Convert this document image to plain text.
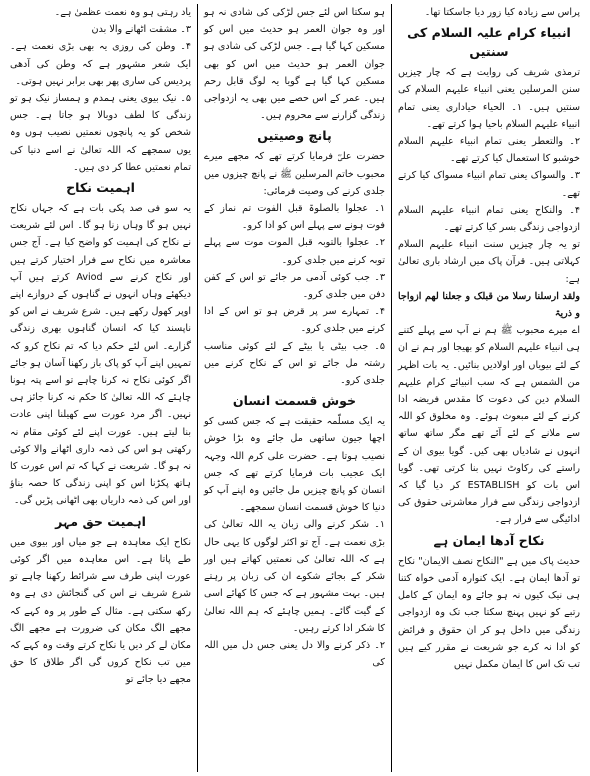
پراس سے زیادہ کیا زور دیا جاسکتا تھا۔

انبیاء کرام علیہ السلام کی سنتیں

ترمذی شریف کی روایت ہے کہ چار چیزیں سنن المرسلین یعنی انبیاء علیہم السلام کی سنتیں ہیں۔ ۱۔ الحیاء حیاداری یعنی تمام انبیاء علیہم السلام باحیا ہوا کرتے تھے۔

۲۔ والتعطر یعنی تمام انبیاء علیہم السلام خوشبو کا استعمال کیا کرتے تھے۔

۳۔ والسواک یعنی تمام انبیاء مسواک کیا کرتے تھے۔

۴۔ والنکاح یعنی تمام انبیاء علیہم السلام ازدواجی زندگی بسر کیا کرتے تھے۔

تو یہ چار چیزیں سنت انبیاء علیہم السلام کہلاتی ہیں۔ قرآن پاک میں ارشاد باری تعالیٰ ہے:

ولقد ارسلنا رسلا من قبلک و جعلنا لھم ازواجا و ذریۃ

اے میرے محبوب ﷺ ہم نے آپ سے پہلے کتنے ہی انبیاء علیہم السلام کو بھیجا اور ہم نے ان کے لئے بیویاں اور اولادیں بنائیں۔ یہ بات اظہر من الشمس ہے کہ سب انبیائے کرام علیہم السلام دین کی دعوت کا مقدس فریضہ ادا کرنے کے لئے مبعوث ہوئے۔ وہ مخلوق کو اللہ سے ملانے کے لئے آئے تھے مگر ساتھ ساتھ انہوں نے شادیاں بھی کیں۔ گویا بیوی ان کے راستے کی رکاوٹ نہیں بنا کرتی تھی۔ گویا اس بات کو ESTABLISH کر دیا گیا کہ ازدواجی زندگی سے فرار معاشرتی حقوق کی ادائیگی سے فرار ہے۔

نکاح آدھا ایمان ہے

حدیث پاک میں ہے "النکاح نصف الایمان" نکاح تو آدھا ایمان ہے۔ ایک کنوارہ آدمی خواہ کتنا ہی نیک کیوں نہ ہو جائے وہ ایمان کے کامل رتبے کو نہیں پہنچ سکتا جب تک وہ ازدواجی زندگی میں داخل ہو کر ان حقوق و فرائض کو ادا نہ کرے جو شریعت نے مقرر کیے ہیں تب تک اس کا ایمان مکمل نہیں

ہو سکتا اس لئے جس لڑکی کی شادی نہ ہو اور وہ جوان العمر ہو حدیث میں اس کو مسکین کہا گیا ہے۔ جس لڑکی کی شادی ہو جوان العمر ہو حدیث میں اس کو بھی مسکین کہا گیا ہے گویا یہ لوگ قابل رحم ہیں۔ عمر کے اس حصے میں بھی یہ ازدواجی زندگی گزارنے سے محروم ہیں۔

پانچ وصیتیں

حضرت علیؓ فرمایا کرتے تھے کہ مجھے میرے محبوب خاتم المرسلین ﷺ نے پانچ چیزوں میں جلدی کرنے کی وصیت فرمائی:

۱۔ عجلوا بالصلوۃ قبل الفوت تم نماز کے فوت ہونے سے پہلے اس کو ادا کرو۔

۲۔ عجلوا بالتوبہ قبل الموت موت سے پہلے توبہ کرنے میں جلدی کرو۔

۳۔ جب کوئی آدمی مر جائے تو اس کے کفن دفن میں جلدی کرو۔

۴۔ تمہارے سر پر قرض ہو تو اس کے ادا کرنے میں جلدی کرو۔

۵۔ جب بیٹی یا بیٹے کے لئے کوئی مناسب رشتہ مل جائے تو اس کے نکاح کرنے میں جلدی کرو۔

خوش قسمت انسان

یہ ایک مسلّمہ حقیقت ہے کہ جس کسی کو اچھا جیون ساتھی مل جائے وہ بڑا خوش نصیب ہوتا ہے۔ حضرت علی کرم اللہ وجہہ ایک عجیب بات فرمایا کرتے تھے کہ جس انسان کو پانچ چیزیں مل جائیں وہ اپنے آپ کو دنیا کا خوش قسمت انسان سمجھے۔

۱۔ شکر کرنے والی زبان یہ اللہ تعالیٰ کی بڑی نعمت ہے۔ آج تو اکثر لوگوں کا یہی حال ہے کہ اللہ تعالیٰ کی نعمتیں کھاتے ہیں اور شکر کے بجائے شکوے ان کی زبان پر رہتے ہیں۔ بہت مشہور ہے کہ جس کا کھائے اسی کے گیت گائے۔ ہمیں چاہئے کہ ہم اللہ تعالیٰ کا شکر ادا کرتے رہیں۔

۲۔ ذکر کرنے والا دل یعنی جس دل میں اللہ کی

یاد رہتی ہو وہ نعمت عظمیٰ ہے۔

۳۔ مشقت اٹھانے والا بدن

۴۔ وطن کی روزی یہ بھی بڑی نعمت ہے۔ ایک شعر مشہور ہے کہ وطن کی آدھی پردیس کی ساری پھر بھی برابر نہیں ہوتی۔

۵۔ نیک بیوی یعنی ہمدم و ہمساز نیک ہو تو زندگی کا لطف دوبالا ہو جاتا ہے۔ جس شخص کو یہ پانچوں نعمتیں نصیب ہوں وہ یوں سمجھے کہ اللہ تعالیٰ نے اسے دنیا کی تمام نعمتیں عطا کر دی ہیں۔

اہمیت نکاح

یہ سو فی صد پکی بات ہے کہ جہاں نکاح نہیں ہو گا وہاں زنا ہو گا۔ اس لئے شریعت نے نکاح کی اہمیت کو واضح کیا ہے۔ آج جس معاشرہ میں نکاح سے فرار اختیار کرتے ہیں اور نکاح کرنے سے Aviod کرتے ہیں آپ دیکھئے وہاں انہوں نے گناہوں کے دروازے اپنے اوپر کھول رکھے ہیں۔ شرع شریف نے اس کو ناپسند کیا کہ انسان گناہوں بھری زندگی گزارے۔ اس لئے حکم دیا کہ تم نکاح کرو کہ تمہیں اپنے آپ کو پاک باز رکھنا آسان ہو جائے اگر کوئی نکاح نہ کرنا چاہے تو اسے پتہ ہونا چاہئے کہ اللہ تعالیٰ کا حکم نہ کرنا جائز ہی نہیں۔ اگر مرد عورت سے کھیلنا اپنی عادت بنا لیتے ہیں۔ عورت اپنے لئے کوئی مقام نہ رکھتی ہو اس کی ذمہ داری اٹھانے والا کوئی نہ ہو گا۔ شریعت نے کہا کہ تم اس عورت کا ہاتھ پکڑنا اس کو اپنی زندگی کا حصہ بناؤ اور اس کی ذمہ داریاں بھی اٹھانی پڑیں گی۔

اہمیت حق مہر

نکاح ایک معاہدہ ہے جو میاں اور بیوی میں طے پاتا ہے۔ اس معاہدہ میں اگر کوئی عورت اپنی طرف سے شرائط رکھنا چاہے تو شرع شریف نے اس کی گنجائش دی ہے وہ رکھ سکتی ہے۔ مثال کے طور پر وہ کہے کہ مجھے الگ مکان کی ضرورت ہے مجھے الگ مکان لے کر دیں یا نکاح کرتے وقت وہ کہے کہ میں تب نکاح کروں گی اگر طلاق کا حق مجھے دیا جائے تو
